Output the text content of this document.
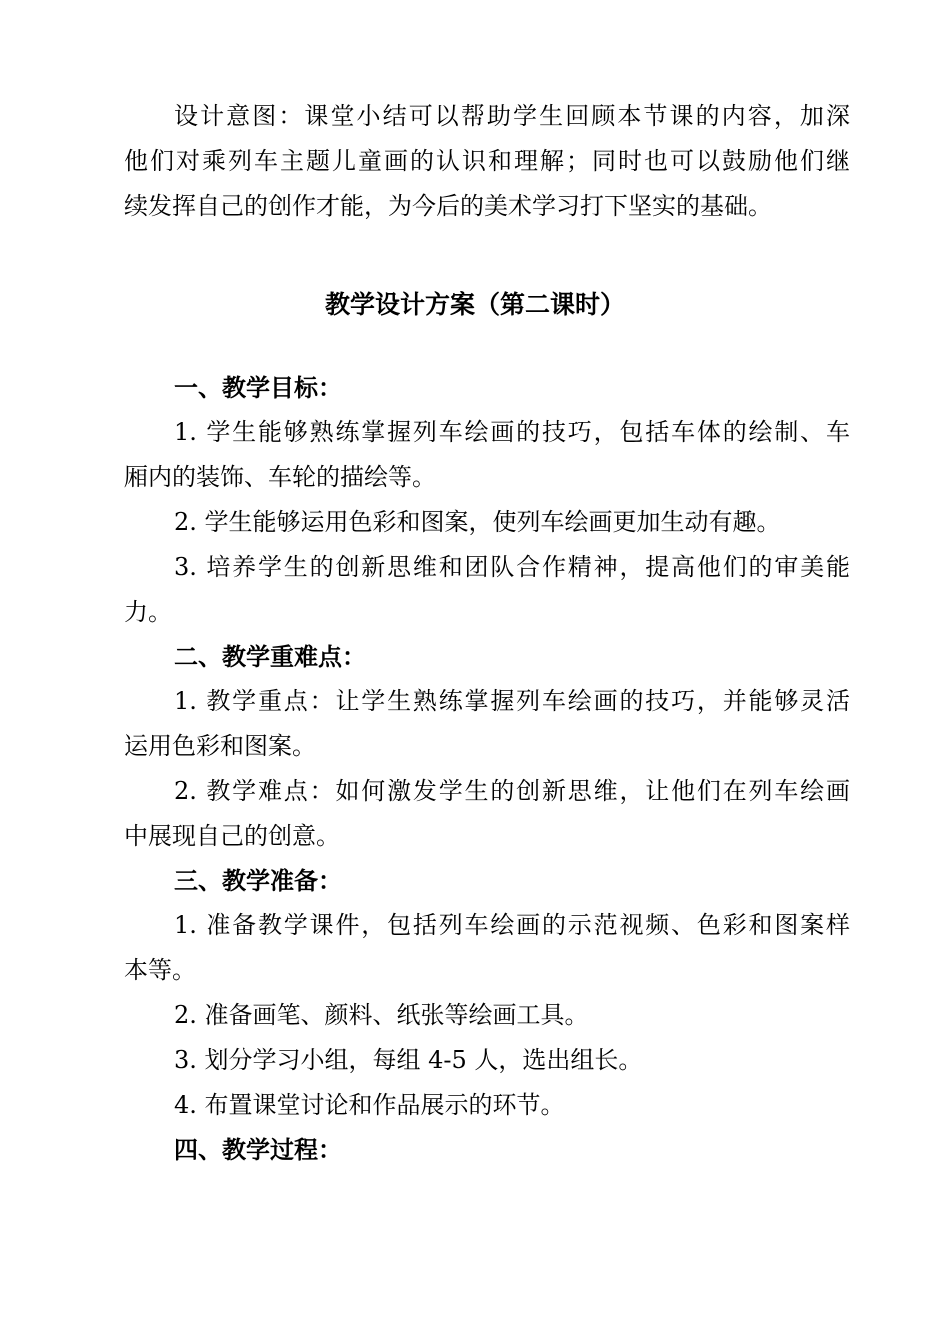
设计意图：课堂小结可以帮助学生回顾本节课的内容，加深
他们对乘列车主题儿童画的认识和理解；同时也可以鼓励他们继
续发挥自己的创作才能，为今后的美术学习打下坚实的基础。
教学设计方案（第二课时）
一、教学目标：
1. 学生能够熟练掌握列车绘画的技巧，包括车体的绘制、车
厢内的装饰、车轮的描绘等。
2. 学生能够运用色彩和图案，使列车绘画更加生动有趣。
3. 培养学生的创新思维和团队合作精神，提高他们的审美能
力。
二、教学重难点：
1. 教学重点：让学生熟练掌握列车绘画的技巧，并能够灵活
运用色彩和图案。
2. 教学难点：如何激发学生的创新思维，让他们在列车绘画
中展现自己的创意。
三、教学准备：
1. 准备教学课件，包括列车绘画的示范视频、色彩和图案样
本等。
2. 准备画笔、颜料、纸张等绘画工具。
3. 划分学习小组，每组 4-5 人，选出组长。
4. 布置课堂讨论和作品展示的环节。
四、教学过程：
